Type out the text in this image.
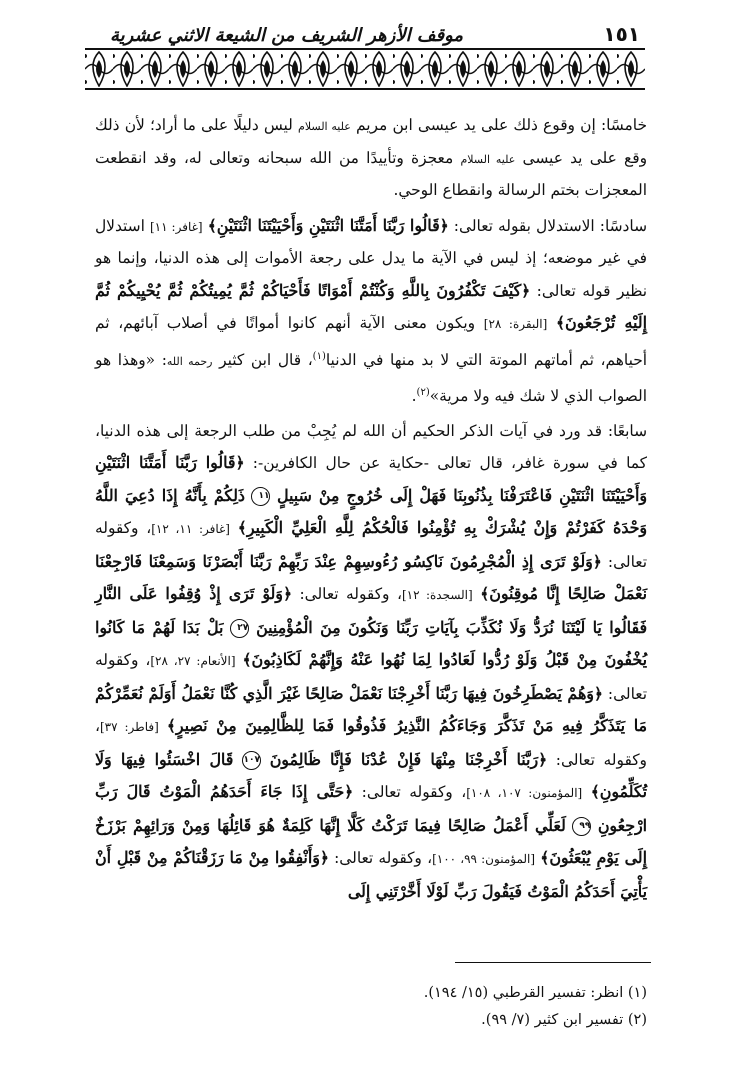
١٥١
موقف الأزهر الشريف من الشيعة الاثني عشرية

خامسًا: إن وقوع ذلك على يد عيسى ابن مريم عليه السلام ليس دليلًا على ما أراد؛ لأن ذلك وقع على يد عيسى عليه السلام معجزة وتأييدًا من الله سبحانه وتعالى له، وقد انقطعت المعجزات بختم الرسالة وانقطاع الوحي.

سادسًا: الاستدلال بقوله تعالى: ﴿قَالُوا رَبَّنَا أَمَتَّنَا اثْنَتَيْنِ وَأَحْيَيْتَنَا اثْنَتَيْنِ﴾ [غافر: ١١] استدلال في غير موضعه؛ إذ ليس في الآية ما يدل على رجعة الأموات إلى هذه الدنيا، وإنما هو نظير قوله تعالى: ﴿كَيْفَ تَكْفُرُونَ بِاللَّهِ وَكُنْتُمْ أَمْوَاتًا فَأَحْيَاكُمْ ثُمَّ يُمِيتُكُمْ ثُمَّ يُحْيِيكُمْ ثُمَّ إِلَيْهِ تُرْجَعُونَ﴾ [البقرة: ٢٨] ويكون معنى الآية أنهم كانوا أمواتًا في أصلاب آبائهم، ثم أحياهم، ثم أماتهم الموتة التي لا بد منها في الدنيا$^{(١)}$، قال ابن كثير رحمه الله: «وهذا هو الصواب الذي لا شك فيه ولا مرية»$^{(٢)}$.

سابعًا: قد ورد في آيات الذكر الحكيم أن الله لم يُجِبْ من طلب الرجعة إلى هذه الدنيا، كما في سورة غافر، قال تعالى -حكاية عن حال الكافرين-: ﴿قَالُوا رَبَّنَا أَمَتَّنَا اثْنَتَيْنِ وَأَحْيَيْتَنَا اثْنَتَيْنِ فَاعْتَرَفْنَا بِذُنُوبِنَا فَهَلْ إِلَى خُرُوجٍ مِنْ سَبِيلٍ ١١ ذَلِكُمْ بِأَنَّهُ إِذَا دُعِيَ اللَّهُ وَحْدَهُ كَفَرْتُمْ وَإِنْ يُشْرَكْ بِهِ تُؤْمِنُوا فَالْحُكْمُ لِلَّهِ الْعَلِيِّ الْكَبِيرِ﴾ [غافر: ١١، ١٢]، وكقوله تعالى: ﴿وَلَوْ تَرَى إِذِ الْمُجْرِمُونَ نَاكِسُو رُءُوسِهِمْ عِنْدَ رَبِّهِمْ رَبَّنَا أَبْصَرْنَا وَسَمِعْنَا فَارْجِعْنَا نَعْمَلْ صَالِحًا إِنَّا مُوقِنُونَ﴾ [السجدة: ١٢]، وكقوله تعالى: ﴿وَلَوْ تَرَى إِذْ وُقِفُوا عَلَى النَّارِ فَقَالُوا يَا لَيْتَنَا نُرَدُّ وَلَا نُكَذِّبَ بِآيَاتِ رَبِّنَا وَنَكُونَ مِنَ الْمُؤْمِنِينَ ٢٧ بَلْ بَدَا لَهُمْ مَا كَانُوا يُخْفُونَ مِنْ قَبْلُ وَلَوْ رُدُّوا لَعَادُوا لِمَا نُهُوا عَنْهُ وَإِنَّهُمْ لَكَاذِبُونَ﴾ [الأنعام: ٢٧، ٢٨]، وكقوله تعالى: ﴿وَهُمْ يَصْطَرِخُونَ فِيهَا رَبَّنَا أَخْرِجْنَا نَعْمَلْ صَالِحًا غَيْرَ الَّذِي كُنَّا نَعْمَلُ أَوَلَمْ نُعَمِّرْكُمْ مَا يَتَذَكَّرُ فِيهِ مَنْ تَذَكَّرَ وَجَاءَكُمُ النَّذِيرُ فَذُوقُوا فَمَا لِلظَّالِمِينَ مِنْ نَصِيرٍ﴾ [فاطر: ٣٧]، وكقوله تعالى: ﴿رَبَّنَا أَخْرِجْنَا مِنْهَا فَإِنْ عُدْنَا فَإِنَّا ظَالِمُونَ ١٠٧ قَالَ اخْسَئُوا فِيهَا وَلَا تُكَلِّمُونِ﴾ [المؤمنون: ١٠٧، ١٠٨]، وكقوله تعالى: ﴿حَتَّى إِذَا جَاءَ أَحَدَهُمُ الْمَوْتُ قَالَ رَبِّ ارْجِعُونِ ٩٩ لَعَلِّي أَعْمَلُ صَالِحًا فِيمَا تَرَكْتُ كَلَّا إِنَّهَا كَلِمَةٌ هُوَ قَائِلُهَا وَمِنْ وَرَائِهِمْ بَرْزَخٌ إِلَى يَوْمِ يُبْعَثُونَ﴾ [المؤمنون: ٩٩، ١٠٠]، وكقوله تعالى: ﴿وَأَنْفِقُوا مِنْ مَا رَزَقْنَاكُمْ مِنْ قَبْلِ أَنْ يَأْتِيَ أَحَدَكُمُ الْمَوْتُ فَيَقُولَ رَبِّ لَوْلَا أَخَّرْتَنِي إِلَى

(١) انظر: تفسير القرطبي (١٥/ ١٩٤).

(٢) تفسير ابن كثير (٧/ ٩٩).
